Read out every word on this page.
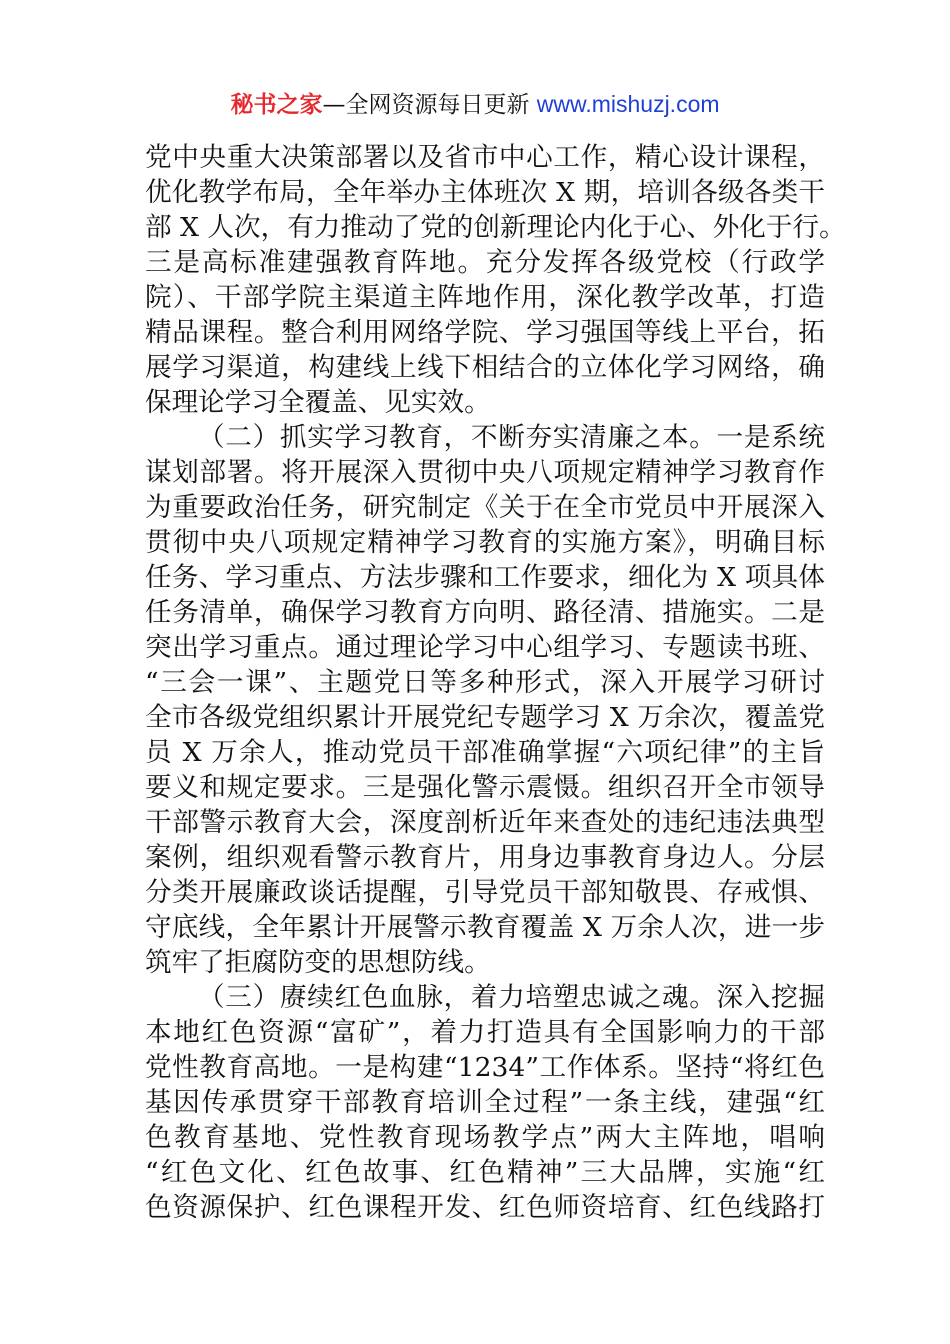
秘书之家—全网资源每日更新 www.mishuzj.com
党中央重大决策部署以及省市中心工作，精心设计课程，
优化教学布局，全年举办主体班次 X 期，培训各级各类干
部 X 人次，有力推动了党的创新理论内化于心、外化于行。
三是高标准建强教育阵地。充分发挥各级党校（行政学
院）、干部学院主渠道主阵地作用，深化教学改革，打造
精品课程。整合利用网络学院、学习强国等线上平台，拓
展学习渠道，构建线上线下相结合的立体化学习网络，确
保理论学习全覆盖、见实效。
（二）抓实学习教育，不断夯实清廉之本。一是系统
谋划部署。将开展深入贯彻中央八项规定精神学习教育作
为重要政治任务，研究制定《关于在全市党员中开展深入
贯彻中央八项规定精神学习教育的实施方案》，明确目标
任务、学习重点、方法步骤和工作要求，细化为 X 项具体
任务清单，确保学习教育方向明、路径清、措施实。二是
突出学习重点。通过理论学习中心组学习、专题读书班、
“三会一课”、主题党日等多种形式，深入开展学习研讨
全市各级党组织累计开展党纪专题学习 X 万余次，覆盖党
员 X 万余人，推动党员干部准确掌握“六项纪律”的主旨
要义和规定要求。三是强化警示震慑。组织召开全市领导
干部警示教育大会，深度剖析近年来查处的违纪违法典型
案例，组织观看警示教育片，用身边事教育身边人。分层
分类开展廉政谈话提醒，引导党员干部知敬畏、存戒惧、
守底线，全年累计开展警示教育覆盖 X 万余人次，进一步
筑牢了拒腐防变的思想防线。
（三）赓续红色血脉，着力培塑忠诚之魂。深入挖掘
本地红色资源“富矿”，着力打造具有全国影响力的干部
党性教育高地。一是构建“1234”工作体系。坚持“将红色
基因传承贯穿干部教育培训全过程”一条主线，建强“红
色教育基地、党性教育现场教学点”两大主阵地，唱响
“红色文化、红色故事、红色精神”三大品牌，实施“红
色资源保护、红色课程开发、红色师资培育、红色线路打
